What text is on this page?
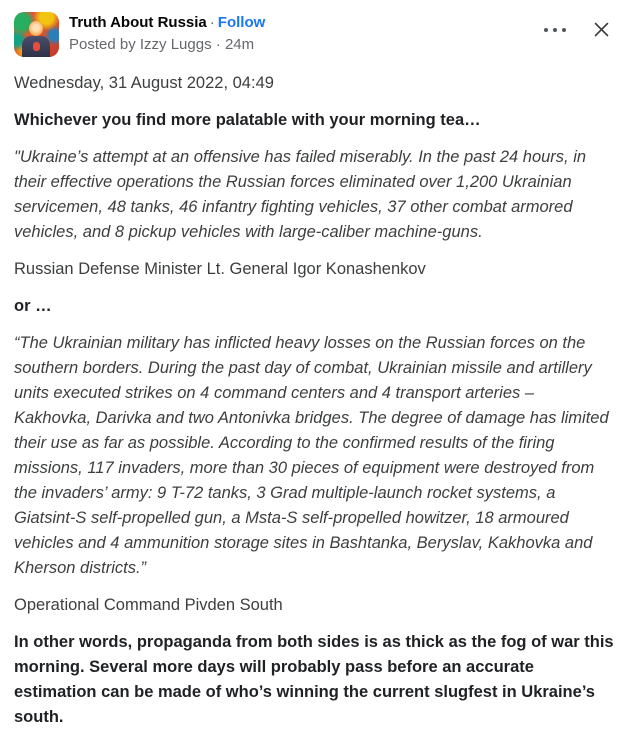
Truth About Russia · Follow
Posted by Izzy Luggs · 24m

Wednesday, 31 August 2022, 04:49

Whichever you find more palatable with your morning tea…

"Ukraine’s attempt at an offensive has failed miserably. In the past 24 hours, in their effective operations the Russian forces eliminated over 1,200 Ukrainian servicemen, 48 tanks, 46 infantry fighting vehicles, 37 other combat armored vehicles, and 8 pickup vehicles with large-caliber machine-guns.

Russian Defense Minister Lt. General Igor Konashenkov

or …

“The Ukrainian military has inflicted heavy losses on the Russian forces on the southern borders. During the past day of combat, Ukrainian missile and artillery units executed strikes on 4 command centers and 4 transport arteries – Kakhovka, Darivka and two Antonivka bridges. The degree of damage has limited their use as far as possible. According to the confirmed results of the firing missions, 117 invaders, more than 30 pieces of equipment were destroyed from the invaders’ army: 9 T-72 tanks, 3 Grad multiple-launch rocket systems, a Giatsint-S self-propelled gun, a Msta-S self-propelled howitzer, 18 armoured vehicles and 4 ammunition storage sites in Bashtanka, Beryslav, Kakhovka and Kherson districts.”

Operational Command Pivden South

In other words, propaganda from both sides is as thick as the fog of war this morning. Several more days will probably pass before an accurate estimation can be made of who’s winning the current slugfest in Ukraine’s south.
